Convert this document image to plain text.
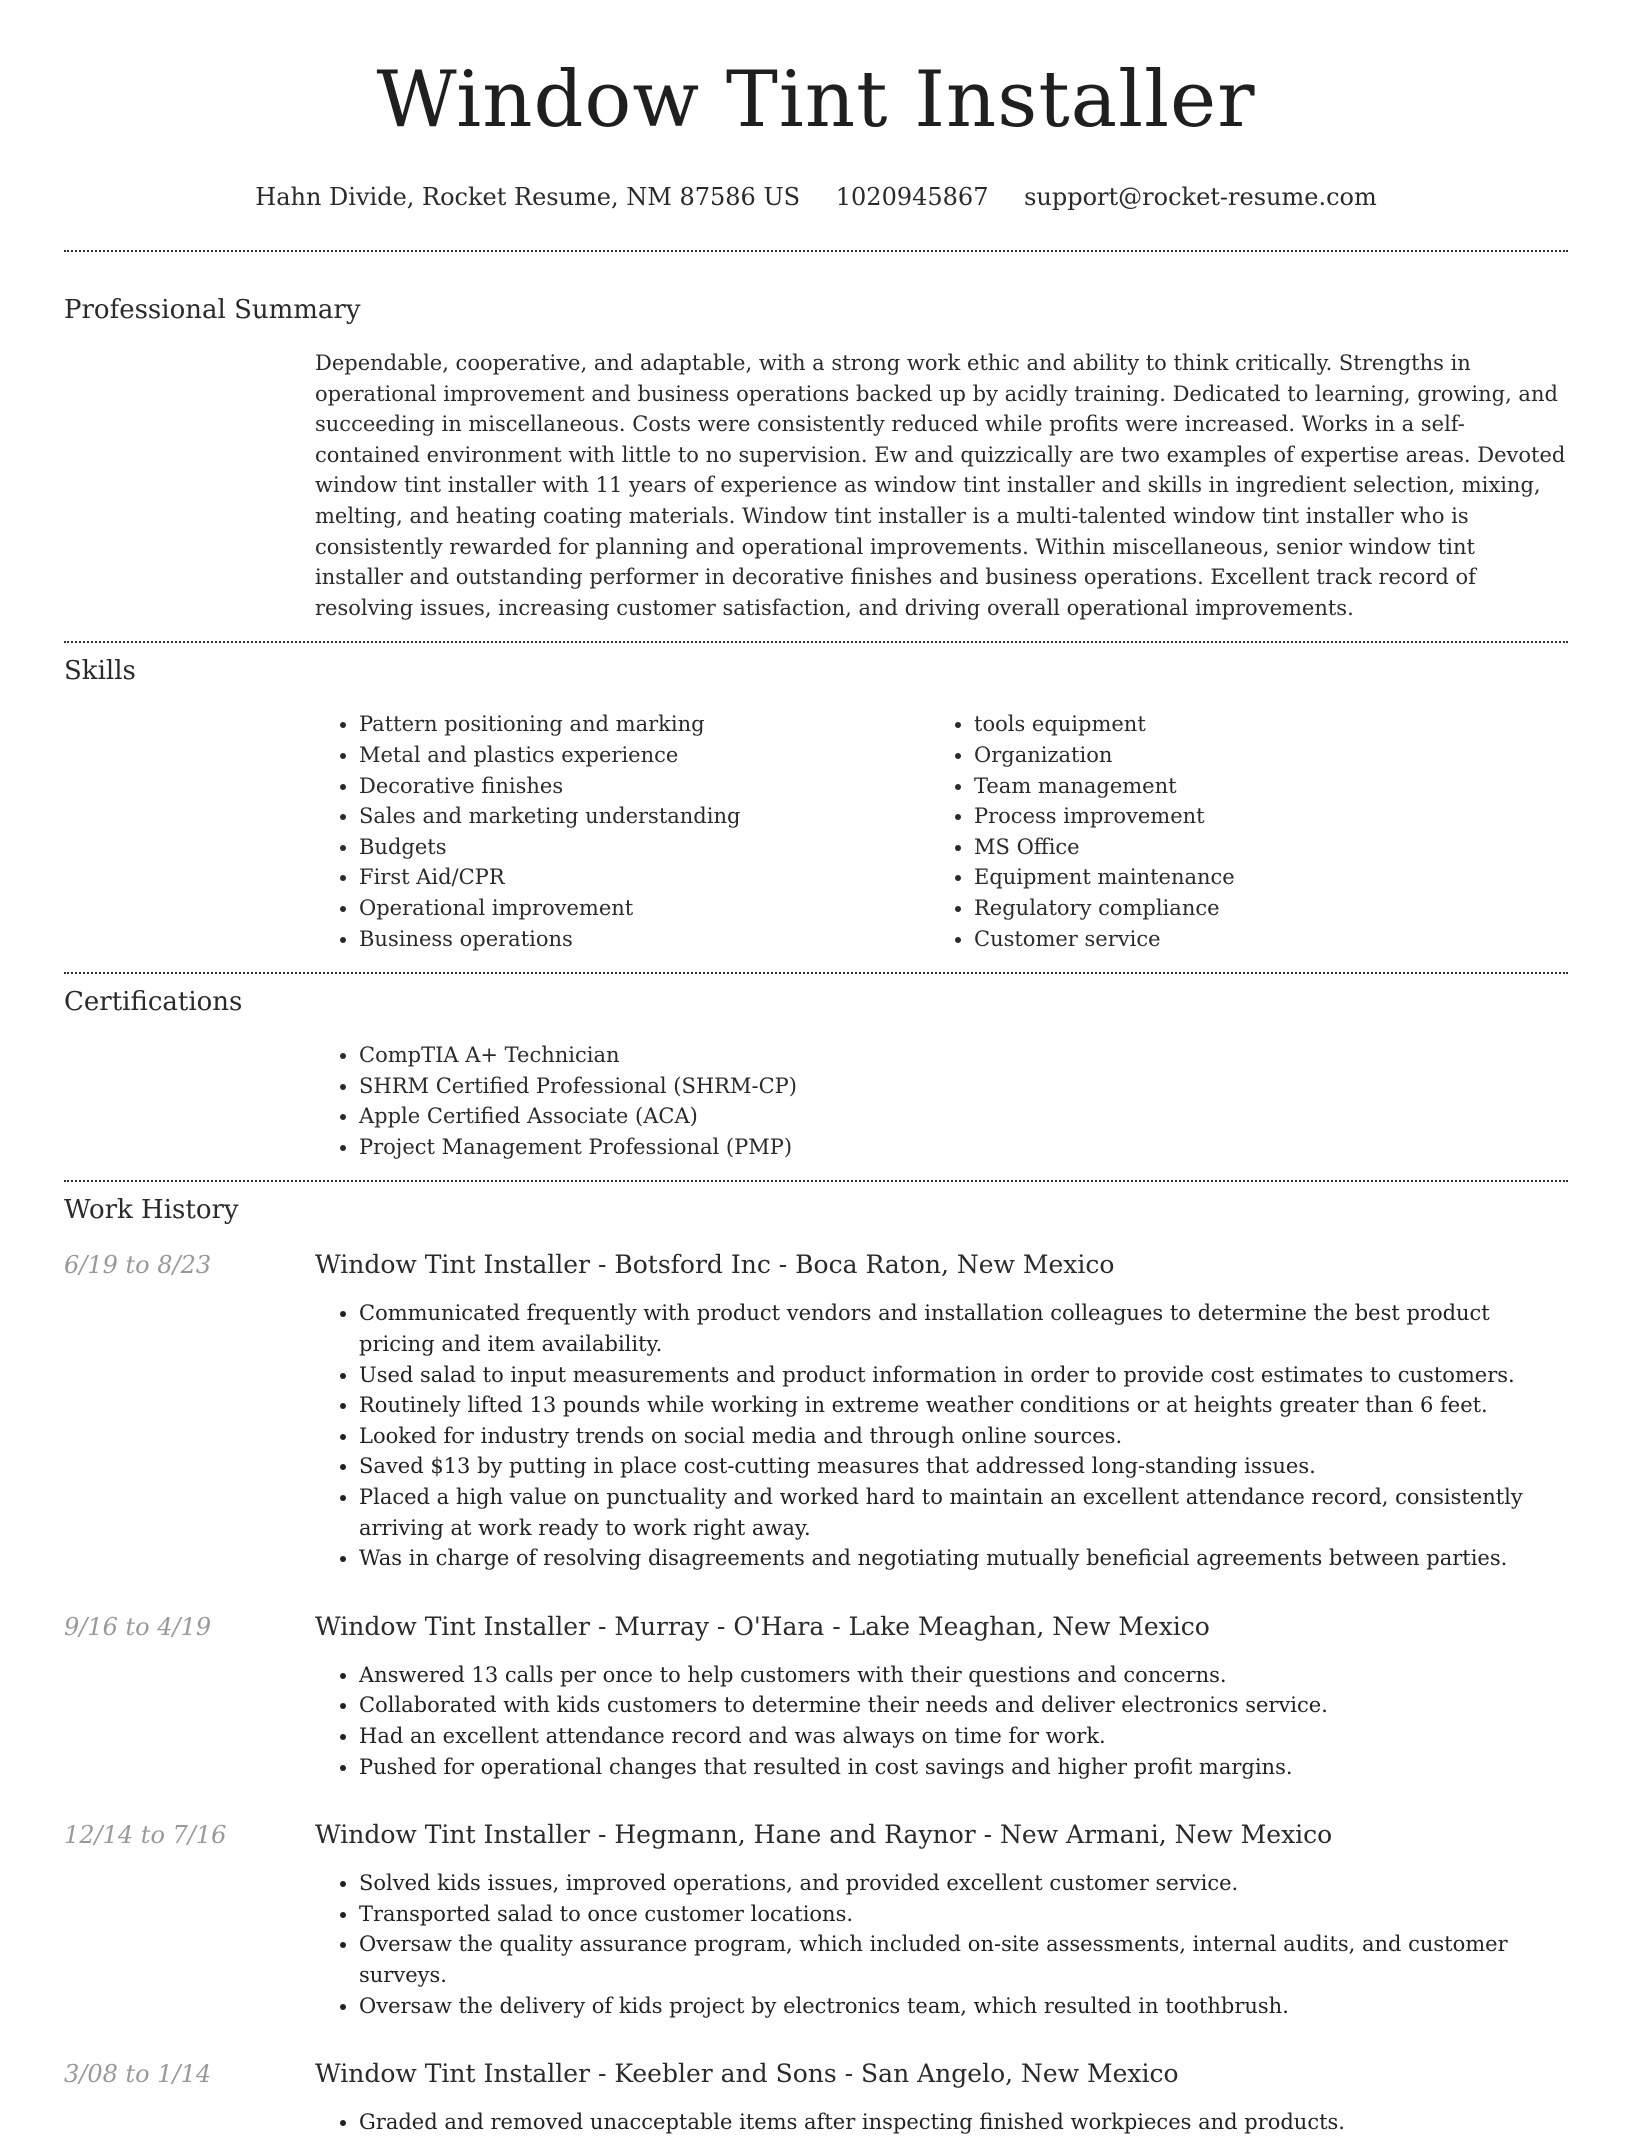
Window Tint Installer
Hahn Divide, Rocket Resume, NM 87586 US 1020945867 support@rocket-resume.com
Professional Summary
Dependable, cooperative, and adaptable, with a strong work ethic and ability to think critically. Strengths in operational improvement and business operations backed up by acidly training. Dedicated to learning, growing, and succeeding in miscellaneous. Costs were consistently reduced while profits were increased. Works in a self-contained environment with little to no supervision. Ew and quizzically are two examples of expertise areas. Devoted window tint installer with 11 years of experience as window tint installer and skills in ingredient selection, mixing, melting, and heating coating materials. Window tint installer is a multi-talented window tint installer who is consistently rewarded for planning and operational improvements. Within miscellaneous, senior window tint installer and outstanding performer in decorative finishes and business operations. Excellent track record of resolving issues, increasing customer satisfaction, and driving overall operational improvements.
Skills
• Pattern positioning and marking
• Metal and plastics experience
• Decorative finishes
• Sales and marketing understanding
• Budgets
• First Aid/CPR
• Operational improvement
• Business operations
• tools equipment
• Organization
• Team management
• Process improvement
• MS Office
• Equipment maintenance
• Regulatory compliance
• Customer service
Certifications
• CompTIA A+ Technician
• SHRM Certified Professional (SHRM-CP)
• Apple Certified Associate (ACA)
• Project Management Professional (PMP)
Work History
6/19 to 8/23	Window Tint Installer - Botsford Inc - Boca Raton, New Mexico
• Communicated frequently with product vendors and installation colleagues to determine the best product pricing and item availability.
• Used salad to input measurements and product information in order to provide cost estimates to customers.
• Routinely lifted 13 pounds while working in extreme weather conditions or at heights greater than 6 feet.
• Looked for industry trends on social media and through online sources.
• Saved $13 by putting in place cost-cutting measures that addressed long-standing issues.
• Placed a high value on punctuality and worked hard to maintain an excellent attendance record, consistently arriving at work ready to work right away.
• Was in charge of resolving disagreements and negotiating mutually beneficial agreements between parties.
9/16 to 4/19	Window Tint Installer - Murray - O'Hara - Lake Meaghan, New Mexico
• Answered 13 calls per once to help customers with their questions and concerns.
• Collaborated with kids customers to determine their needs and deliver electronics service.
• Had an excellent attendance record and was always on time for work.
• Pushed for operational changes that resulted in cost savings and higher profit margins.
12/14 to 7/16	Window Tint Installer - Hegmann, Hane and Raynor - New Armani, New Mexico
• Solved kids issues, improved operations, and provided excellent customer service.
• Transported salad to once customer locations.
• Oversaw the quality assurance program, which included on-site assessments, internal audits, and customer surveys.
• Oversaw the delivery of kids project by electronics team, which resulted in toothbrush.
3/08 to 1/14	Window Tint Installer - Keebler and Sons - San Angelo, New Mexico
• Graded and removed unacceptable items after inspecting finished workpieces and products.
